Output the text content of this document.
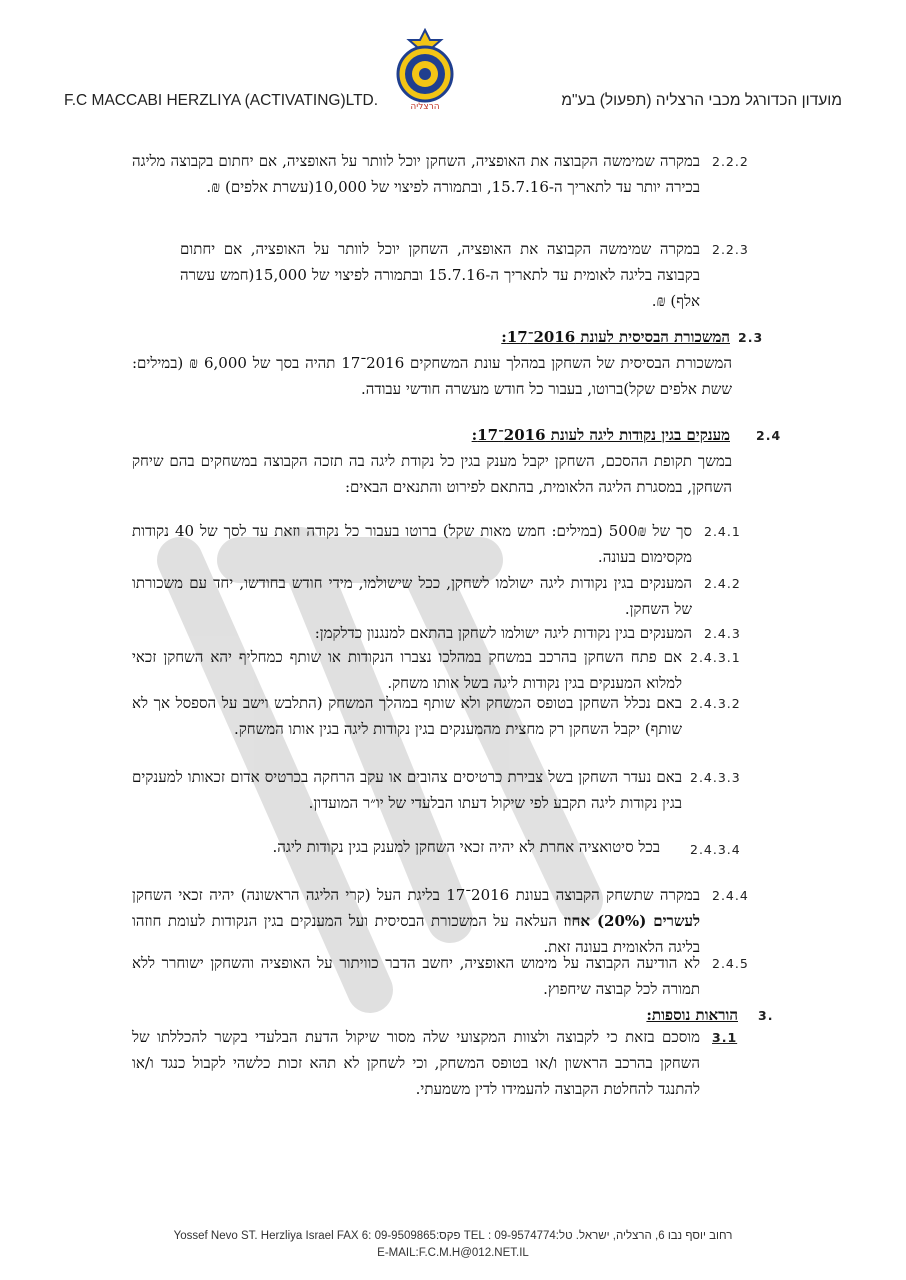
F.C MACCABI HERZLIYA (ACTIVATING)LTD.	הרצליה	מועדון הכדורגל מכבי הרצליה (תפעול) בע"מ
2.2.2
במקרה שמימשה הקבוצה את האופציה, השחקן יוכל לוותר על האופציה, אם יחתום בקבוצה מליגה בכירה יותר עד לתאריך ה-15.7.16, ובתמורה לפיצוי של 10,000(עשרת אלפים) ₪.
2.2.3
במקרה שמימשה הקבוצה את האופציה, השחקן יוכל לוותר על האופציה, אם יחתום בקבוצה בליגה לאומית עד לתאריך ה-15.7.16 ובתמורה לפיצוי של 15,000(חמש עשרה אלף) ₪.
2.3
המשכורת הבסיסית לעונת 2016־17:
המשכורת הבסיסית של השחקן במהלך עונת המשחקים 2016־17 תהיה בסך של 6,000 ₪ (במילים: ששת אלפים שקל)ברוטו, בעבור כל חודש מעשרה חודשי עבודה.
2.4
מענקים בגין נקודות ליגה לעונת 2016־17:
במשך תקופת ההסכם, השחקן יקבל מענק בגין כל נקודת ליגה בה תזכה הקבוצה במשחקים בהם שיחק השחקן, במסגרת הליגה הלאומית, בהתאם לפירוט והתנאים הבאים:
2.4.1
סך של 500₪ (במילים: חמש מאות שקל) ברוטו בעבור כל נקודה וזאת עד לסך של 40 נקודות מקסימום בעונה.
2.4.2
המענקים בגין נקודות ליגה ישולמו לשחקן, ככל שישולמו, מידי חודש בחודשו, יחד עם משכורתו של השחקן.
2.4.3
המענקים בגין נקודות ליגה ישולמו לשחקן בהתאם למנגנון כדלקמן:
2.4.3.1
אם פתח השחקן בהרכב במשחק במהלכו נצברו הנקודות או שותף כמחליף יהא השחקן זכאי למלוא המענקים בגין נקודות ליגה בשל אותו משחק.
2.4.3.2
באם נכלל השחקן בטופס המשחק ולא שותף במהלך המשחק (התלבש וישב על הספסל אך לא שותף) יקבל השחקן רק מחצית מהמענקים בגין נקודות ליגה בגין אותו המשחק.
2.4.3.3
באם נעדר השחקן בשל צבירת כרטיסים צהובים או עקב הרחקה בכרטיס אדום זכאותו למענקים בגין נקודות ליגה תקבע לפי שיקול דעתו הבלעדי של יו״ר המועדון.
2.4.3.4
בכל סיטואציה אחרת לא יהיה זכאי השחקן למענק בגין נקודות ליגה.
2.4.4
במקרה שתשחק הקבוצה בעונת 2016־17 בליגת העל (קרי הליגה הראשונה) יהיה זכאי השחקן לעשרים (20%) אחוז העלאה על המשכורת הבסיסית ועל המענקים בגין הנקודות לעומת חוזהו בליגה הלאומית בעונה זאת.
2.4.5
לא הודיעה הקבוצה על מימוש האופציה, יחשב הדבר כוויתור על האופציה והשחקן ישוחרר ללא תמורה לכל קבוצה שיחפוץ.
3.
הוראות נוספות:
3.1
מוסכם בזאת כי לקבוצה ולצוות המקצועי שלה מסור שיקול הדעת הבלעדי בקשר להכללתו של השחקן בהרכב הראשון ו/או בטופס המשחק, וכי לשחקן לא תהא זכות כלשהי לקבול כנגד ו/או להתנגד להחלטת הקבוצה להעמידו לדין משמעתי.
רחוב יוסף נבו 6, הרצליה, ישראל. טל:09-9574774 : TEL פקס:09-9509865 :6 Yossef Nevo ST. Herzliya Israel FAX
E-MAIL:F.C.M.H@012.NET.IL
